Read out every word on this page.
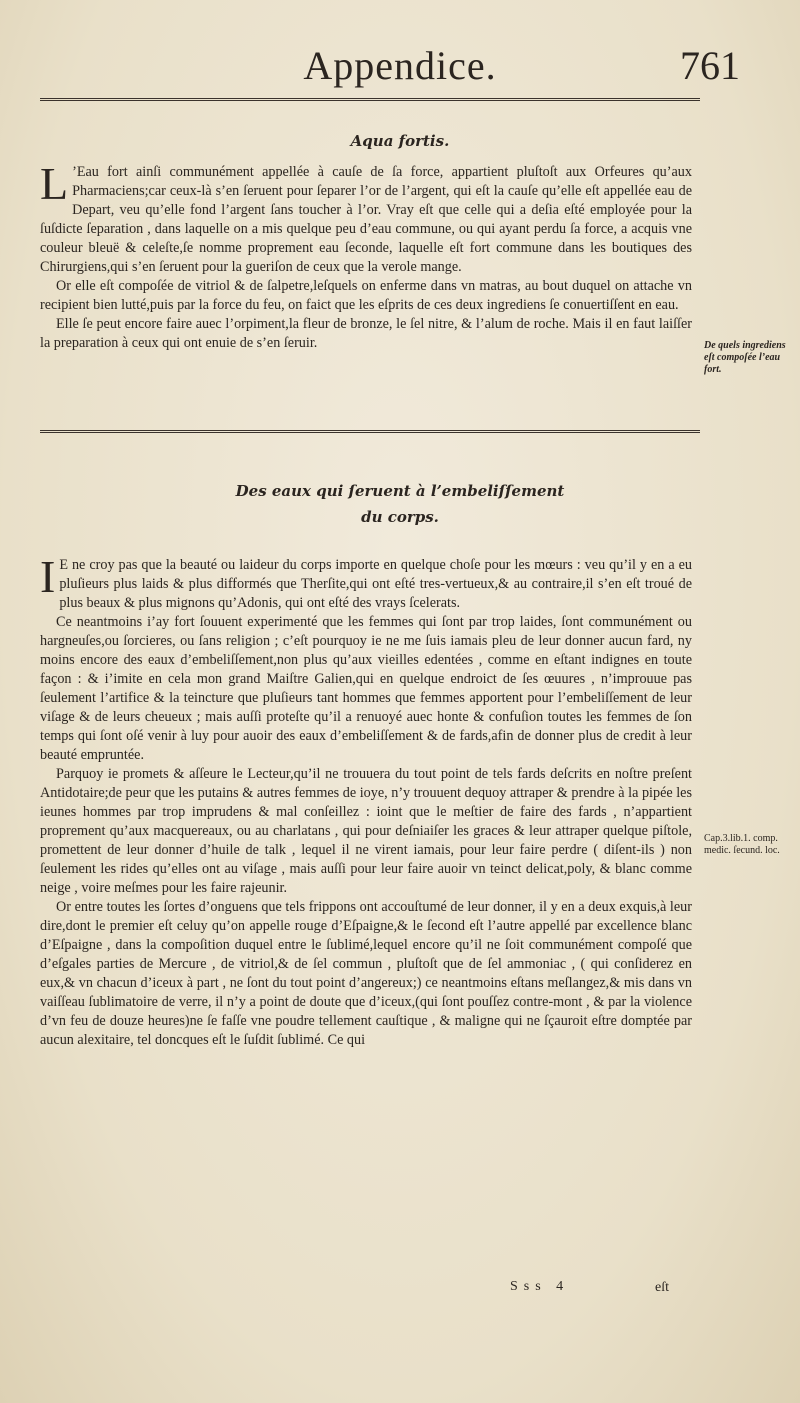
Appendice.	761
Aqua fortis.

L ’Eau fort ainſi communément appellée à cauſe de ſa force, appartient pluſtoſt aux Orfeures qu’aux Pharmaciens;car ceux-là s’en ſeruent pour ſeparer l’or de l’argent, qui eſt la cauſe qu’elle eſt appellée eau de Depart, veu qu’elle fond l’argent ſans toucher à l’or. Vray eſt que celle qui a deſia eſté employée pour la ſuſdicte ſeparation , dans laquelle on a mis quelque peu d’eau commune, ou qui ayant perdu ſa force, a acquis vne couleur bleuë & celeſte,ſe nomme proprement eau ſeconde, laquelle eſt fort commune dans les boutiques des Chirurgiens,qui s’en ſeruent pour la gueriſon de ceux que la verole mange.

Or elle eſt compoſée de vitriol & de ſalpetre,leſquels on enferme dans vn matras, au bout duquel on attache vn recipient bien lutté,puis par la force du feu, on faict que les eſprits de ces deux ingrediens ſe conuertiſſent en eau.

Elle ſe peut encore faire auec l’orpiment,la fleur de bronze, le ſel nitre, & l’alum de roche. Mais il en faut laiſſer la preparation à ceux qui ont enuie de s’en ſeruir.	De quels ingrediens eſt compoſée l’eau fort.
Des eaux qui ſeruent à l’embeliſſement
du corps.

I E ne croy pas que la beauté ou laideur du corps importe en quelque choſe pour les mœurs : veu qu’il y en a eu pluſieurs plus laids & plus difformés que Therſite,qui ont eſté tres-vertueux,& au contraire,il s’en eſt troué de plus beaux & plus mignons qu’Adonis, qui ont eſté des vrays ſcelerats.

Ce neantmoins i’ay fort ſouuent experimenté que les femmes qui ſont par trop laides, ſont communément ou hargneuſes,ou ſorcieres, ou ſans religion ; c’eſt pourquoy ie ne me ſuis iamais pleu de leur donner aucun fard, ny moins encore des eaux d’embeliſſement,non plus qu’aux vieilles edentées , comme en eſtant indignes en toute façon : & i’imite en cela mon grand Maiſtre Galien,qui en quelque endroict de ſes œuures , n’improuue pas ſeulement l’artifice & la teincture que pluſieurs tant hommes que femmes apportent pour l’embeliſſement de leur viſage & de leurs cheueux ; mais auſſi proteſte qu’il a renuoyé auec honte & confuſion toutes les femmes de ſon temps qui ſont oſé venir à luy pour auoir des eaux d’embeliſſement & de fards,afin de donner plus de credit à leur beauté empruntée.

Parquoy ie promets & aſſeure le Lecteur,qu’il ne trouuera du tout point de tels fards deſcrits en noſtre preſent Antidotaire;de peur que les putains & autres femmes de ioye, n’y trouuent dequoy attraper & prendre à la pipée les ieunes hommes par trop imprudens & mal conſeillez : ioint que le meſtier de faire des fards , n’appartient proprement qu’aux macquereaux, ou au charlatans , qui pour deſniaiſer les graces & leur attraper quelque piſtole, promettent de leur donner d’huile de talk , lequel il ne virent iamais, pour leur faire perdre ( diſent-ils ) non ſeulement les rides qu’elles ont au viſage , mais auſſi pour leur faire auoir vn teinct delicat,poly, & blanc comme neige , voire meſmes pour les faire rajeunir.

Or entre toutes les ſortes d’onguens que tels frippons ont accouſtumé de leur donner, il y en a deux exquis,à leur dire,dont le premier eſt celuy qu’on appelle rouge d’Eſpaigne,& le ſecond eſt l’autre appellé par excellence blanc d’Eſpaigne , dans la compoſition duquel entre le ſublimé,lequel encore qu’il ne ſoit communément compoſé que d’eſgales parties de Mercure , de vitriol,& de ſel commun , pluſtoſt que de ſel ammoniac , ( qui conſiderez en eux,& vn chacun d’iceux à part , ne ſont du tout point d’angereux;) ce neantmoins eſtans meſlangez,& mis dans vn vaiſſeau ſublimatoire de verre, il n’y a point de doute que d’iceux,(qui ſont pouſſez contre-mont , & par la violence d’vn feu de douze heures)ne ſe faſſe vne poudre tellement cauſtique , & maligne qui ne ſçauroit eſtre domptée par aucun alexitaire, tel doncques eſt le ſuſdit ſublimé. Ce qui

Cap.3.lib.1. comp. medic. ſecund. loc.
Sss 4	eſt
